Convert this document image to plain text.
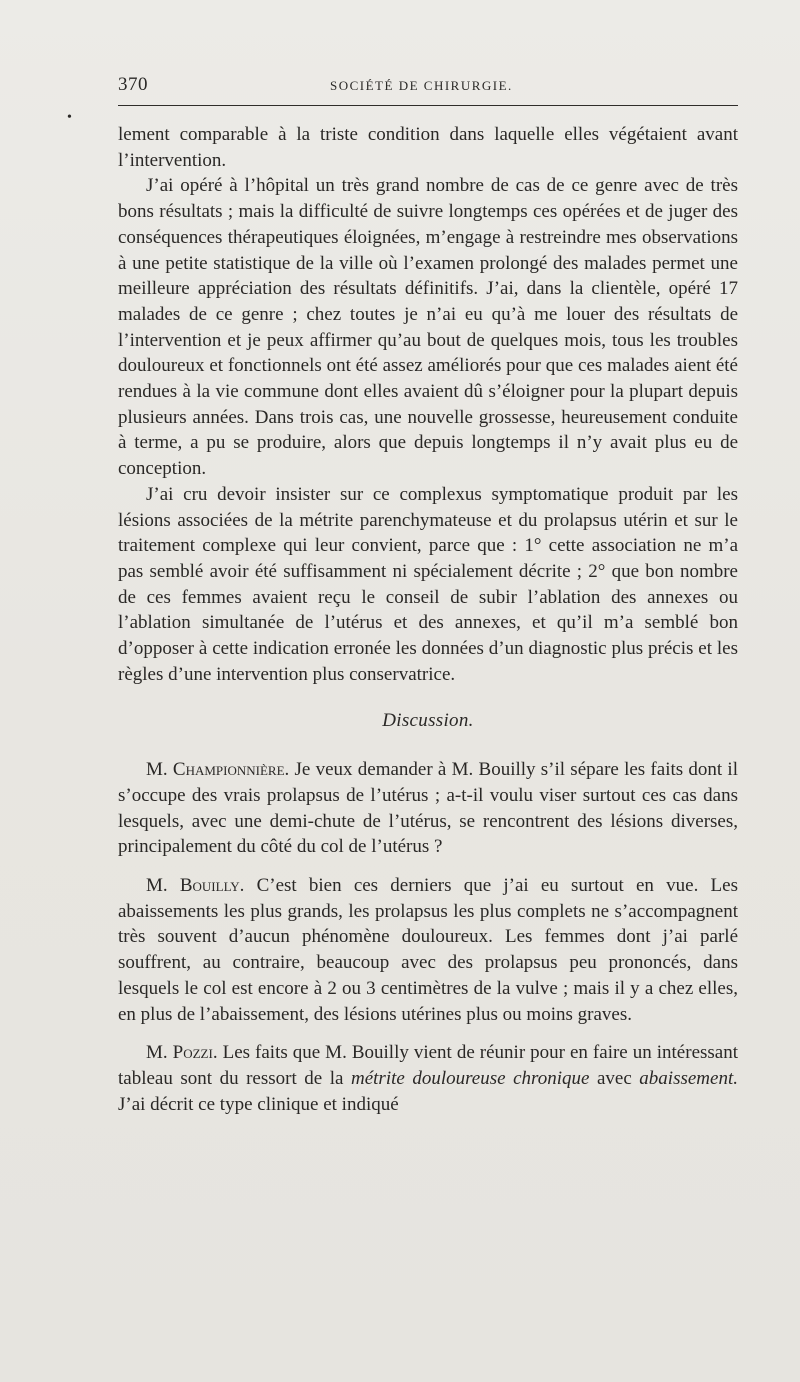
370	SOCIÉTÉ DE CHIRURGIE.
•

lement comparable à la triste condition dans laquelle elles végétaient avant l’intervention.

J’ai opéré à l’hôpital un très grand nombre de cas de ce genre avec de très bons résultats ; mais la difficulté de suivre longtemps ces opérées et de juger des conséquences thérapeutiques éloignées, m’engage à restreindre mes observations à une petite statistique de la ville où l’examen prolongé des malades permet une meilleure appréciation des résultats définitifs. J’ai, dans la clientèle, opéré 17 malades de ce genre ; chez toutes je n’ai eu qu’à me louer des résultats de l’intervention et je peux affirmer qu’au bout de quelques mois, tous les troubles douloureux et fonctionnels ont été assez améliorés pour que ces malades aient été rendues à la vie commune dont elles avaient dû s’éloigner pour la plupart depuis plusieurs années. Dans trois cas, une nouvelle grossesse, heureusement conduite à terme, a pu se produire, alors que depuis longtemps il n’y avait plus eu de conception.

J’ai cru devoir insister sur ce complexus symptomatique produit par les lésions associées de la métrite parenchymateuse et du prolapsus utérin et sur le traitement complexe qui leur convient, parce que : 1° cette association ne m’a pas semblé avoir été suffisamment ni spécialement décrite ; 2° que bon nombre de ces femmes avaient reçu le conseil de subir l’ablation des annexes ou l’ablation simultanée de l’utérus et des annexes, et qu’il m’a semblé bon d’opposer à cette indication erronée les données d’un diagnostic plus précis et les règles d’une intervention plus conservatrice.

Discussion.

M. Championnière. Je veux demander à M. Bouilly s’il sépare les faits dont il s’occupe des vrais prolapsus de l’utérus ; a-t-il voulu viser surtout ces cas dans lesquels, avec une demi-chute de l’utérus, se rencontrent des lésions diverses, principalement du côté du col de l’utérus ?

M. Bouilly. C’est bien ces derniers que j’ai eu surtout en vue. Les abaissements les plus grands, les prolapsus les plus complets ne s’accompagnent très souvent d’aucun phénomène douloureux. Les femmes dont j’ai parlé souffrent, au contraire, beaucoup avec des prolapsus peu prononcés, dans lesquels le col est encore à 2 ou 3 centimètres de la vulve ; mais il y a chez elles, en plus de l’abaissement, des lésions utérines plus ou moins graves.

M. Pozzi. Les faits que M. Bouilly vient de réunir pour en faire un intéressant tableau sont du ressort de la métrite douloureuse chronique avec abaissement. J’ai décrit ce type clinique et indiqué
